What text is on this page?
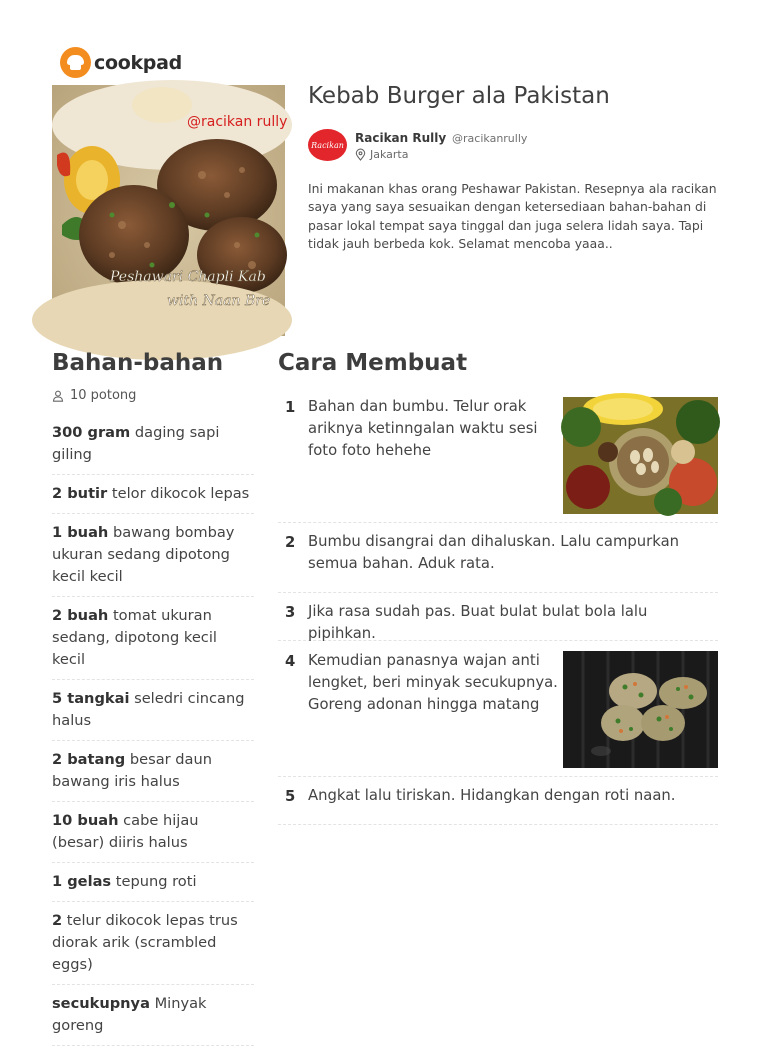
cookpad
@racikan rully
Peshawari Chapli Kab
with Naan Bre
Kebab Burger ala Pakistan
Racikan Racikan Rully @racikanrully
Jakarta

Ini makanan khas orang Peshawar Pakistan. Resepnya ala racikan saya yang saya sesuaikan dengan ketersediaan bahan-bahan di pasar lokal tempat saya tinggal dan juga selera lidah saya. Tapi tidak jauh berbeda kok. Selamat mencoba yaaa..

Bahan-bahan
10 potong
300 gram daging sapi giling
2 butir telor dikocok lepas
1 buah bawang bombay ukuran sedang dipotong kecil kecil
2 buah tomat ukuran sedang, dipotong kecil kecil
5 tangkai seledri cincang halus
2 batang besar daun bawang iris halus
10 buah cabe hijau (besar) diiris halus
1 gelas tepung roti
2 telur dikocok lepas trus diorak arik (scrambled eggs)
secukupnya Minyak goreng
Cara Membuat
1 Bahan dan bumbu. Telur orak ariknya ketinngalan waktu sesi foto foto hehehe
2 Bumbu disangrai dan dihaluskan. Lalu campurkan semua bahan. Aduk rata.
3 Jika rasa sudah pas. Buat bulat bulat bola lalu pipihkan.
4 Kemudian panasnya wajan anti lengket, beri minyak secukupnya. Goreng adonan hingga matang
5 Angkat lalu tiriskan. Hidangkan dengan roti naan.
